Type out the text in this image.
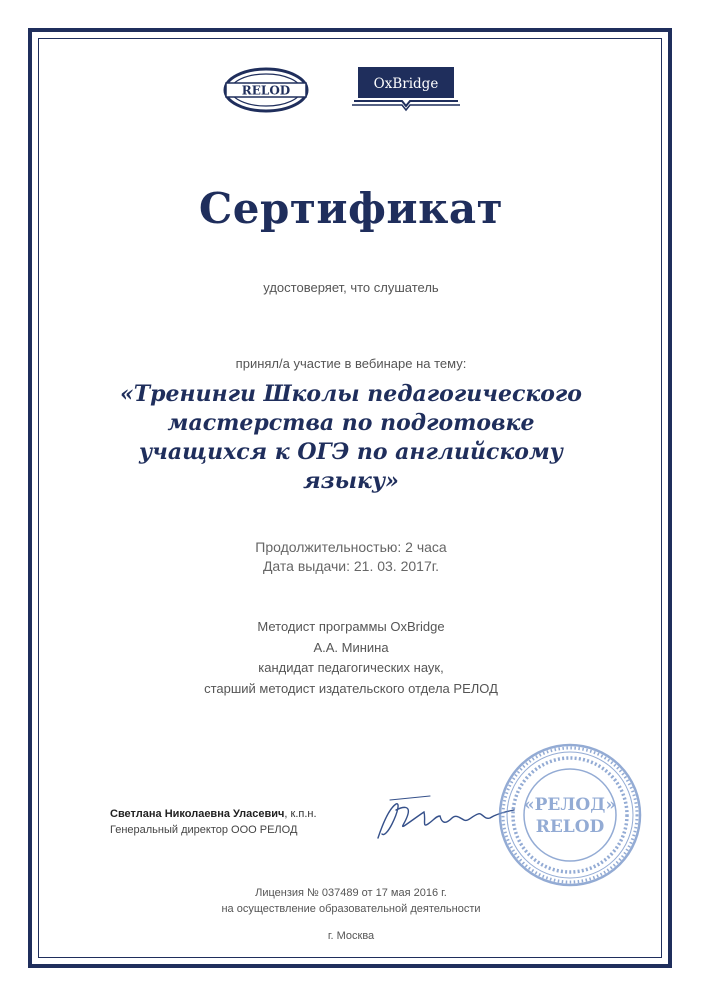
RELOD	OxBridge
Сертификат
удостоверяет, что слушатель
принял/а участие в вебинаре на тему:
«Тренинги Школы педагогического мастерства по подготовке учащихся к ОГЭ по английскому языку»
Продолжительностью: 2 часа
Дата выдачи: 21. 03. 2017г.
Методист программы OxBridge
А.А. Минина
кандидат педагогических наук,
старший методист издательского отдела РЕЛОД
Светлана Николаевна Уласевич, к.п.н.
Генеральный директор ООО РЕЛОД
«РЕЛОД»
RELOD
Лицензия № 037489 от 17 мая 2016 г.
на осуществление образовательной деятельности
г. Москва
